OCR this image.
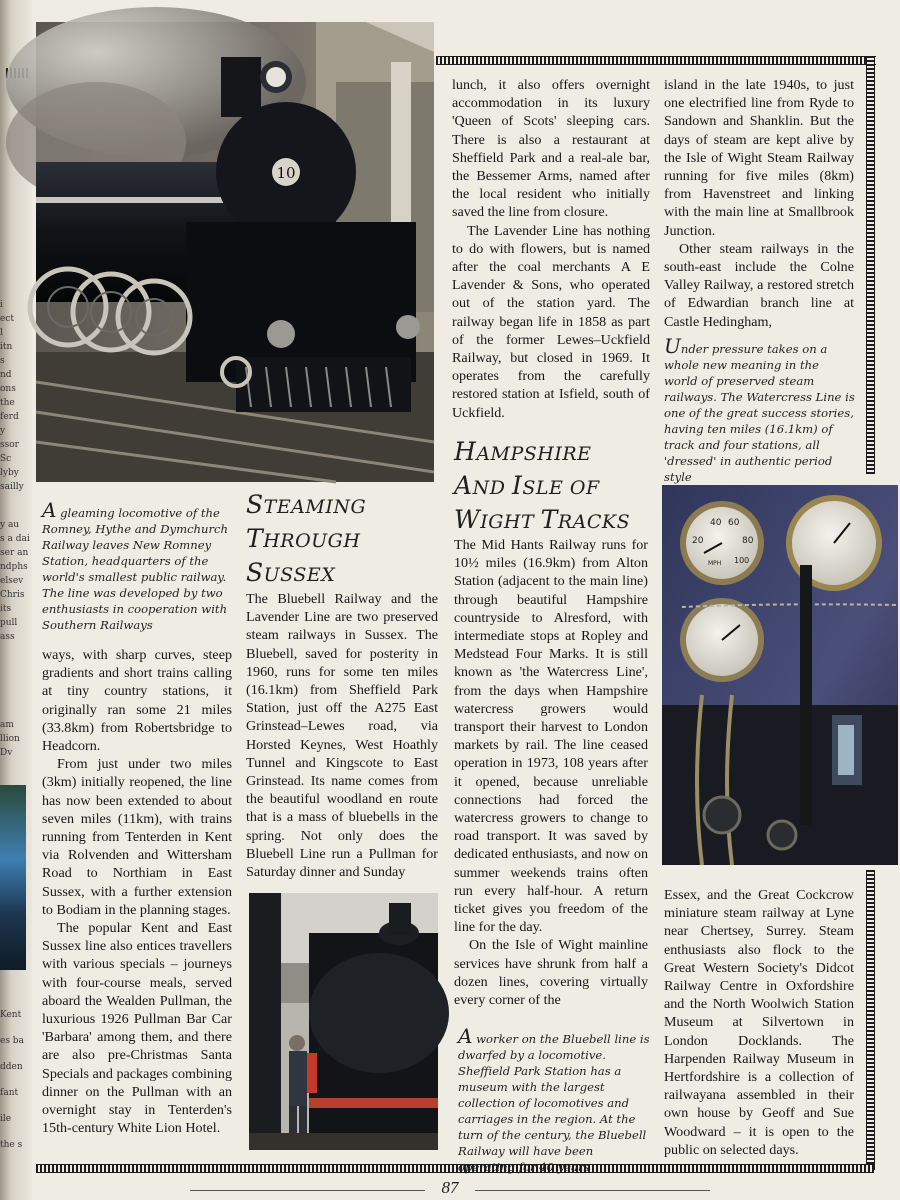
i
ect
l
itn
s
nd
ons
the
ferd
y
ssor
Sc
lyby
sailly
y au
s a dai
ser an
ndphs
elsev
Chris
its
pull
ass
am
llion
Dv
Kent
es ba
dden
fant
ile
the s
10

A gleaming locomotive of the Romney, Hythe and Dymchurch Railway leaves New Romney Station, headquarters of the world's smallest public railway. The line was developed by two enthusiasts in cooperation with Southern Railways

STEAMING
THROUGH
SUSSEX

ways, with sharp curves, steep gradients and short trains calling at tiny country stations, it originally ran some 21 miles (33.8km) from Robertsbridge to Headcorn.

From just under two miles (3km) initially reopened, the line has now been extended to about seven miles (11km), with trains running from Tenterden in Kent via Rolvenden and Wittersham Road to Northiam in East Sussex, with a further extension to Bodiam in the planning stages.

The popular Kent and East Sussex line also entices travellers with various specials – journeys with four-course meals, served aboard the Wealden Pullman, the luxurious 1926 Pullman Bar Car 'Barbara' among them, and there are also pre-Christmas Santa Specials and packages combining dinner on the Pullman with an overnight stay in Tenterden's 15th-century White Lion Hotel.

The Bluebell Railway and the Lavender Line are two preserved steam railways in Sussex. The Bluebell, saved for posterity in 1960, runs for some ten miles (16.1km) from Sheffield Park Station, just off the A275 East Grinstead–Lewes road, via Horsted Keynes, West Hoathly Tunnel and Kingscote to East Grinstead. Its name comes from the beautiful woodland en route that is a mass of bluebells in the spring. Not only does the Bluebell Line run a Pullman for Saturday dinner and Sunday

lunch, it also offers overnight accommodation in its luxury 'Queen of Scots' sleeping cars. There is also a restaurant at Sheffield Park and a real-ale bar, the Bessemer Arms, named after the local resident who initially saved the line from closure.

The Lavender Line has nothing to do with flowers, but is named after the coal merchants A E Lavender & Sons, who operated out of the station yard. The railway began life in 1858 as part of the former Lewes–Uckfield Railway, but closed in 1969. It operates from the carefully restored station at Isfield, south of Uckfield.

HAMPSHIRE
AND ISLE OF
WIGHT TRACKS

The Mid Hants Railway runs for 10½ miles (16.9km) from Alton Station (adjacent to the main line) through beautiful Hampshire countryside to Alresford, with intermediate stops at Ropley and Medstead Four Marks. It is still known as 'the Watercress Line', from the days when Hampshire watercress growers would transport their harvest to London markets by rail. The line ceased operation in 1973, 108 years after it opened, because unreliable connections had forced the watercress growers to change to road transport. It was saved by dedicated enthusiasts, and now on summer weekends trains often run every half-hour. A return ticket gives you freedom of the line for the day.

On the Isle of Wight mainline services have shrunk from half a dozen lines, covering virtually every corner of the

A worker on the Bluebell line is dwarfed by a locomotive. Sheffield Park Station has a museum with the largest collection of locomotives and carriages in the region. At the turn of the century, the Bluebell Railway will have been operating for 40 years

island in the late 1940s, to just one electrified line from Ryde to Sandown and Shanklin. But the days of steam are kept alive by the Isle of Wight Steam Railway running for five miles (8km) from Havenstreet and linking with the main line at Smallbrook Junction.

Other steam railways in the south-east include the Colne Valley Railway, a restored stretch of Edwardian branch line at Castle Hedingham,

Under pressure takes on a whole new meaning in the world of preserved steam railways. The Watercress Line is one of the great success stories, having ten miles (16.1km) of track and four stations, all 'dressed' in authentic period style

40 60
20	80
100
MPH

Essex, and the Great Cockcrow miniature steam railway at Lyne near Chertsey, Surrey. Steam enthusiasts also flock to the Great Western Society's Didcot Railway Centre in Oxfordshire and the North Woolwich Station Museum at Silvertown in London Docklands. The Harpenden Railway Museum in Hertfordshire is a collection of railwayana assembled in their own house by Geoff and Sue Woodward – it is open to the public on selected days.

87
